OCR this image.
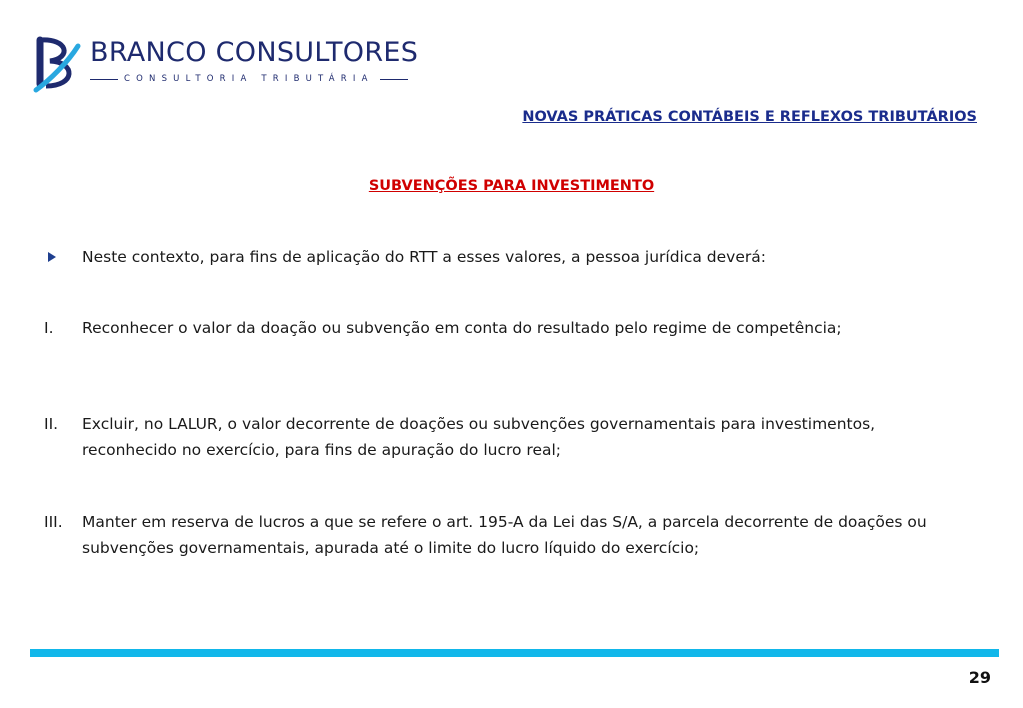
BRANCO CONSULTORES
CONSULTORIA TRIBUTÁRIA
NOVAS PRÁTICAS CONTÁBEIS E REFLEXOS TRIBUTÁRIOS
SUBVENÇÕES PARA INVESTIMENTO
Neste contexto, para fins de aplicação do RTT a esses valores, a pessoa jurídica deverá:
I. Reconhecer o valor da doação ou subvenção em conta do resultado pelo regime de competência;
II. Excluir, no LALUR, o valor decorrente de doações ou subvenções governamentais para investimentos, reconhecido no exercício, para fins de apuração do lucro real;
III. Manter em reserva de lucros a que se refere o art. 195-A da Lei das S/A, a parcela decorrente de doações ou subvenções governamentais, apurada até o limite do lucro líquido do exercício;
29
